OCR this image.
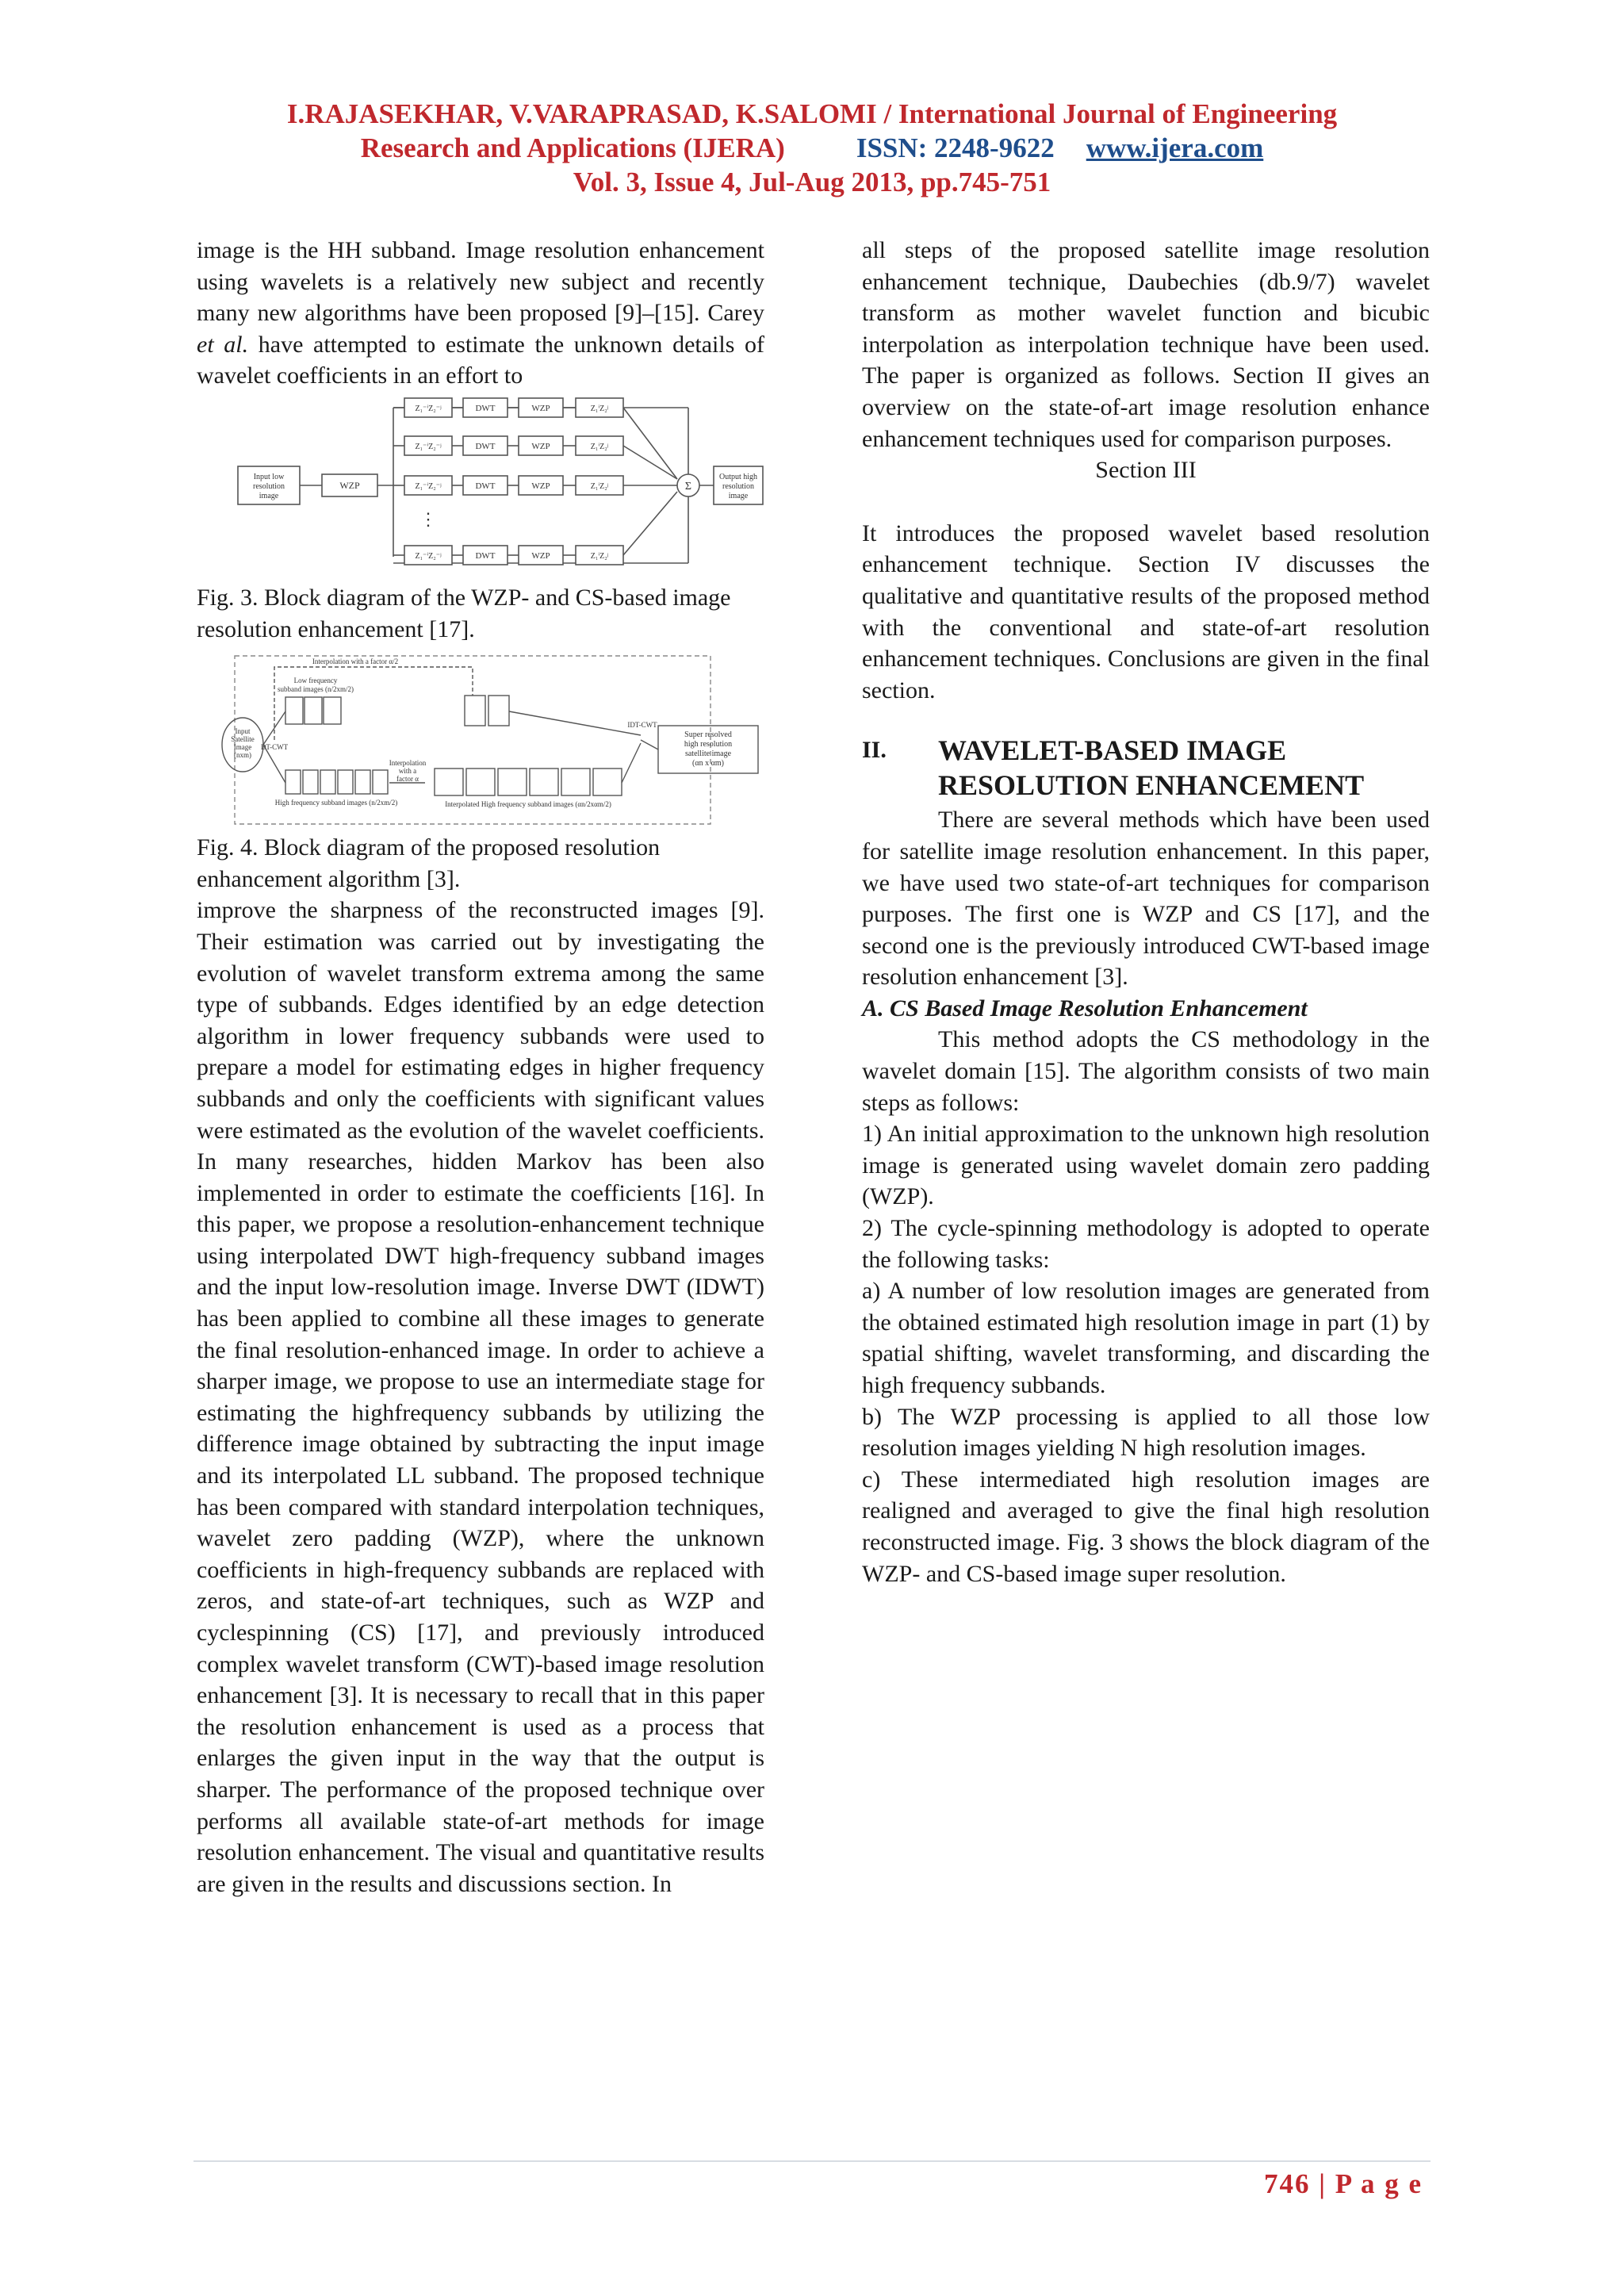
I.RAJASEKHAR, V.VARAPRASAD, K.SALOMI / International Journal of Engineering
Research and Applications (IJERA)	ISSN: 2248-9622 www.ijera.com
Vol. 3, Issue 4, Jul-Aug 2013, pp.745-751

image is the HH subband. Image resolution enhancement using wavelets is a relatively new subject and recently many new algorithms have been proposed [9]–[15]. Carey et al. have attempted to estimate the unknown details of wavelet coefficients in an effort to

Input low
resolution
image
WZP
DWT
DWT
DWT
DWT
WZP
WZP
WZP
WZP
Z₁⁻ⁱZ₂⁻ʲ
Z₁⁻ⁱZ₂⁻ʲ
Z₁⁻ⁱZ₂⁻ʲ
Z₁⁻ⁱZ₂⁻ʲ
Z₁ⁱZ₂ʲ
Z₁ⁱZ₂ʲ
Z₁ⁱZ₂ʲ
Z₁ⁱZ₂ʲ
⋮
Σ
Output high
resolution
image

Fig. 3. Block diagram of the WZP- and CS-based image resolution enhancement [17].

Interpolation with a factor α/2
Low frequency
subband images (n/2xm/2)
Input
Satellite
Image
(nxm)
DT-CWT
IDT-CWT
Interpolation
with a
factor α
Super resolved
high resolution
satellite image
(αn x αm)
High frequency subband images (n/2xm/2)	Interpolated High frequency subband images (αn/2xαm/2)

Fig. 4. Block diagram of the proposed resolution enhancement algorithm [3].

improve the sharpness of the reconstructed images [9]. Their estimation was carried out by investigating the evolution of wavelet transform extrema among the same type of subbands. Edges identified by an edge detection algorithm in lower frequency subbands were used to prepare a model for estimating edges in higher frequency subbands and only the coefficients with significant values were estimated as the evolution of the wavelet coefficients. In many researches, hidden Markov has been also implemented in order to estimate the coefficients [16]. In this paper, we propose a resolution-enhancement technique using interpolated DWT high-frequency subband images and the input low-resolution image. Inverse DWT (IDWT) has been applied to combine all these images to generate the final resolution-enhanced image. In order to achieve a sharper image, we propose to use an intermediate stage for estimating the highfrequency subbands by utilizing the difference image obtained by subtracting the input image and its interpolated LL subband. The proposed technique has been compared with standard interpolation techniques, wavelet zero padding (WZP), where the unknown coefficients in high-frequency subbands are replaced with zeros, and state-of-art techniques, such as WZP and cyclespinning (CS) [17], and previously introduced complex wavelet transform (CWT)-based image resolution enhancement [3]. It is necessary to recall that in this paper the resolution enhancement is used as a process that enlarges the given input in the way that the output is sharper. The performance of the proposed technique over performs all available state-of-art methods for image resolution enhancement. The visual and quantitative results are given in the results and discussions section. In

all steps of the proposed satellite image resolution enhancement technique, Daubechies (db.9/7) wavelet transform as mother wavelet function and bicubic interpolation as interpolation technique have been used. The paper is organized as follows. Section II gives an overview on the state-of-art image resolution enhance enhancement techniques used for comparison purposes.

Section III

It introduces the proposed wavelet based resolution enhancement technique. Section IV discusses the qualitative and quantitative results of the proposed method with the conventional and state-of-art resolution enhancement techniques. Conclusions are given in the final section.

II.	WAVELET-BASED IMAGE
RESOLUTION ENHANCEMENT

There are several methods which have been used for satellite image resolution enhancement. In this paper, we have used two state-of-art techniques for comparison purposes. The first one is WZP and CS [17], and the second one is the previously introduced CWT-based image resolution enhancement [3].

A. CS Based Image Resolution Enhancement

This method adopts the CS methodology in the wavelet domain [15]. The algorithm consists of two main steps as follows:

1) An initial approximation to the unknown high resolution image is generated using wavelet domain zero padding (WZP).

2) The cycle-spinning methodology is adopted to operate the following tasks:

a) A number of low resolution images are generated from the obtained estimated high resolution image in part (1) by spatial shifting, wavelet transforming, and discarding the high frequency subbands.

b) The WZP processing is applied to all those low resolution images yielding N high resolution images.

c) These intermediated high resolution images are realigned and averaged to give the final high resolution reconstructed image. Fig. 3 shows the block diagram of the WZP- and CS-based image super resolution.

746 | P a g e
